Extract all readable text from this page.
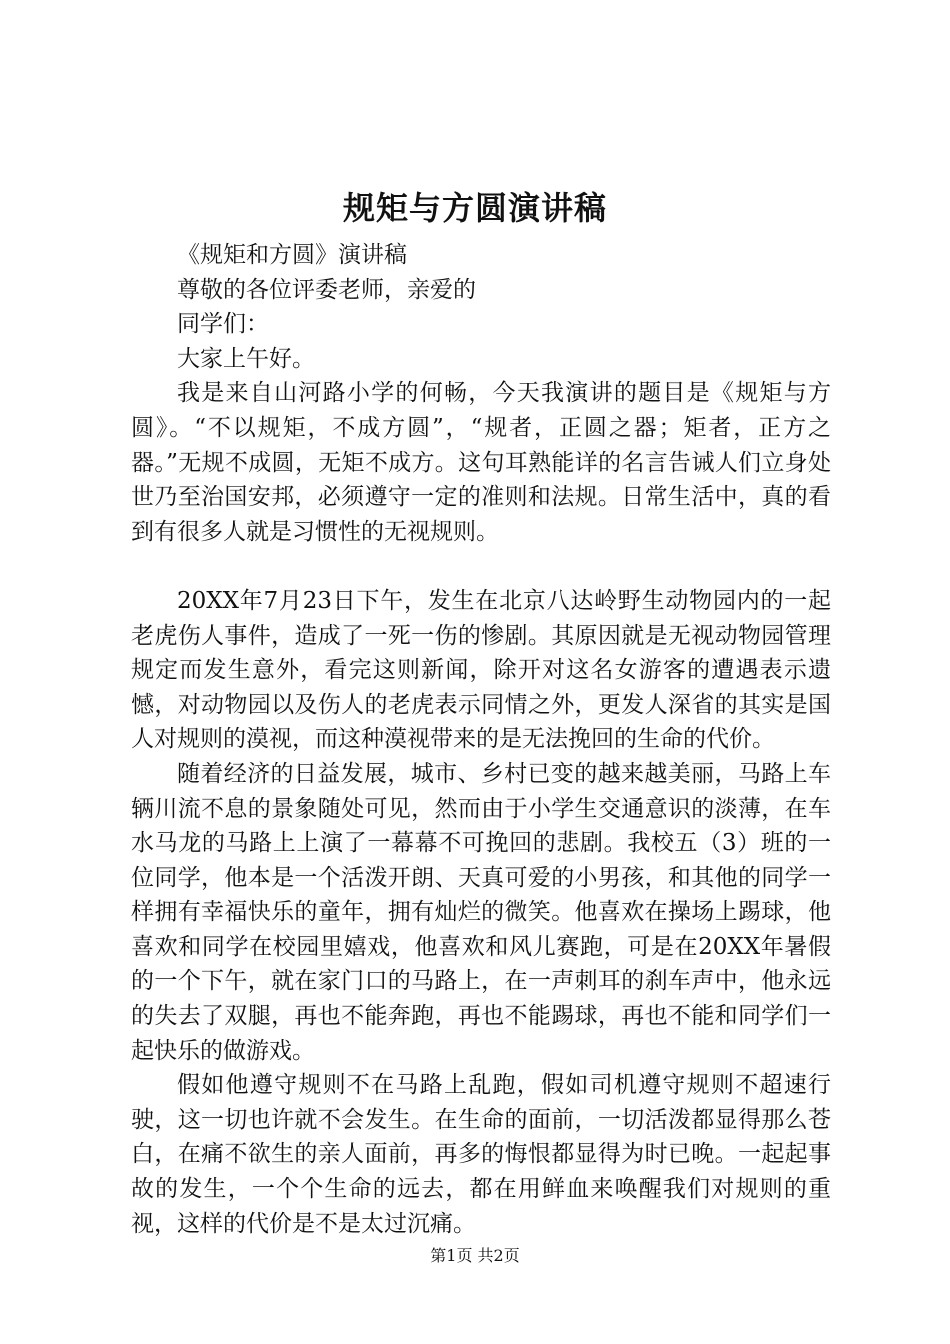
规矩与方圆演讲稿

《规矩和方圆》演讲稿

尊敬的各位评委老师，亲爱的

同学们：

大家上午好。

我是来自山河路小学的何畅，今天我演讲的题目是《规矩与方圆》。“不以规矩，不成方圆”，“规者，正圆之器；矩者，正方之器。”无规不成圆，无矩不成方。这句耳熟能详的名言告诫人们立身处世乃至治国安邦，必须遵守一定的准则和法规。日常生活中，真的看到有很多人就是习惯性的无视规则。

20XX年7月23日下午，发生在北京八达岭野生动物园内的一起老虎伤人事件，造成了一死一伤的惨剧。其原因就是无视动物园管理规定而发生意外，看完这则新闻，除开对这名女游客的遭遇表示遗憾，对动物园以及伤人的老虎表示同情之外，更发人深省的其实是国人对规则的漠视，而这种漠视带来的是无法挽回的生命的代价。

随着经济的日益发展，城市、乡村已变的越来越美丽，马路上车辆川流不息的景象随处可见，然而由于小学生交通意识的淡薄，在车水马龙的马路上上演了一幕幕不可挽回的悲剧。我校五（3）班的一位同学，他本是一个活泼开朗、天真可爱的小男孩，和其他的同学一样拥有幸福快乐的童年，拥有灿烂的微笑。他喜欢在操场上踢球，他喜欢和同学在校园里嬉戏，他喜欢和风儿赛跑，可是在20XX年暑假的一个下午，就在家门口的马路上，在一声刺耳的刹车声中，他永远的失去了双腿，再也不能奔跑，再也不能踢球，再也不能和同学们一起快乐的做游戏。

假如他遵守规则不在马路上乱跑，假如司机遵守规则不超速行驶，这一切也许就不会发生。在生命的面前，一切活泼都显得那么苍白，在痛不欲生的亲人面前，再多的悔恨都显得为时已晚。一起起事故的发生，一个个生命的远去，都在用鲜血来唤醒我们对规则的重视，这样的代价是不是太过沉痛。

第1页 共2页
